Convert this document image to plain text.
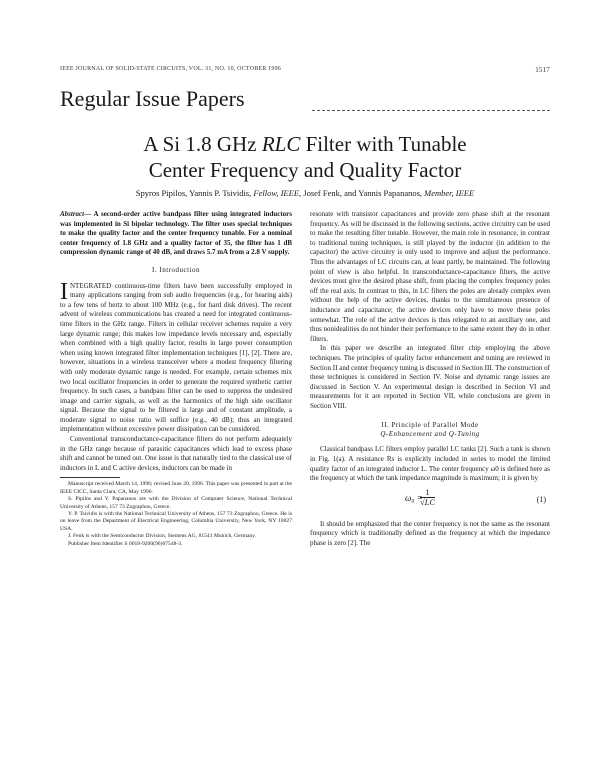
IEEE JOURNAL OF SOLID-STATE CIRCUITS, VOL. 31, NO. 10, OCTOBER 1996	1517
Regular Issue Papers
A Si 1.8 GHz RLC Filter with Tunable
Center Frequency and Quality Factor
Spyros Pipilos, Yannis P. Tsividis, Fellow, IEEE, Josef Fenk, and Yannis Papananos, Member, IEEE

Abstract— A second-order active bandpass filter using integrated inductors was implemented in Si bipolar technology. The filter uses special techniques to make the quality factor and the center frequency tunable. For a nominal center frequency of 1.8 GHz and a quality factor of 35, the filter has 1 dB compression dynamic range of 40 dB, and draws 5.7 mA from a 2.8 V supply.

I. Introduction

INTEGRATED continuous-time filters have been successfully employed in many applications ranging from sub audio frequencies (e.g., for hearing aids) to a few tens of hertz to about 100 MHz (e.g., for hard disk drives). The recent advent of wireless communications has created a need for integrated continuous-time filters in the GHz range. Filters in cellular receiver schemes require a very large dynamic range; this makes low impedance levels necessary and, especially when combined with a high quality factor, results in large power consumption when using known integrated filter implementation techniques [1], [2]. There are, however, situations in a wireless transceiver where a modest frequency filtering with only moderate dynamic range is needed. For example, certain schemes mix two local oscillator frequencies in order to generate the required synthetic carrier frequency. In such cases, a bandpass filter can be used to suppress the undesired image and carrier signals, as well as the harmonics of the high side oscillator signal. Because the signal to be filtered is large and of constant amplitude, a moderate signal to noise ratio will suffice (e.g., 40 dB); thus an integrated implementation without excessive power dissipation can be considered.

Conventional transconductance-capacitance filters do not perform adequately in the GHz range because of parasitic capacitances which lead to excess phase shift and cannot be tuned out. One issue is that naturally tied to the classical use of inductors in L and C active devices, inductors can be made in

Manuscript received March 14, 1996; revised June 20, 1996. This paper was presented in part at the IEEE CICC, Santa Clara, CA, May 1996.

S. Pipilos and Y. Papananos are with the Division of Computer Science, National Technical University of Athens, 157 73 Zographou, Greece.

Y. P. Tsividis is with the National Technical University of Athens, 157 73 Zographou, Greece. He is on leave from the Department of Electrical Engineering, Columbia University, New York, NY 10027 USA.

J. Fenk is with the Semiconductor Division, Siemens AG, 81541 Munich, Germany.

Publisher Item Identifier S 0018-9200(96)07548-3.

resonate with transistor capacitances and provide zero phase shift at the resonant frequency. As will be discussed in the following sections, active circuitry can be used to make the resulting filter tunable. However, the main role in resonance, in contrast to traditional tuning techniques, is still played by the inductor (in addition to the capacitor) the active circuitry is only used to improve and adjust the performance. Thus the advantages of LC circuits can, at least partly, be maintained. The following point of view is also helpful. In transconductance-capacitance filters, the active devices must give the desired phase shift, from placing the complex frequency poles off the real axis. In contrast to this, in LC filters the poles are already complex even without the help of the active devices, thanks to the simultaneous presence of inductance and capacitance; the active devices only have to move these poles somewhat. The role of the active devices is thus relegated to an auxiliary one, and thus nonidealities do not hinder their performance to the same extent they do in other filters.

In this paper we describe an integrated filter chip employing the above techniques. The principles of quality factor enhancement and tuning are reviewed in Section II and center frequency tuning is discussed in Section III. The construction of these techniques is considered in Section IV. Noise and dynamic range issues are discussed in Section V. An experimental design is described in Section VI and measurements for it are reported in Section VII, while conclusions are given in Section VIII.

II. Principle of Parallel Mode
Q-Enhancement and Q-Tuning

Classical bandpass LC filters employ parallel LC tanks [2]. Such a tank is shown in Fig. 1(a). A resistance Rs is explicitly included in series to model the limited quality factor of an integrated inductor L. The center frequency ω0 is defined here as the frequency at which the tank impedance magnitude is maximum; it is given by

ω₀ =
$\frac{1}{√LC}$	(1)

It should be emphasized that the center frequency is not the same as the resonant frequency which is traditionally defined as the frequency at which the impedance phase is zero [2]. The
